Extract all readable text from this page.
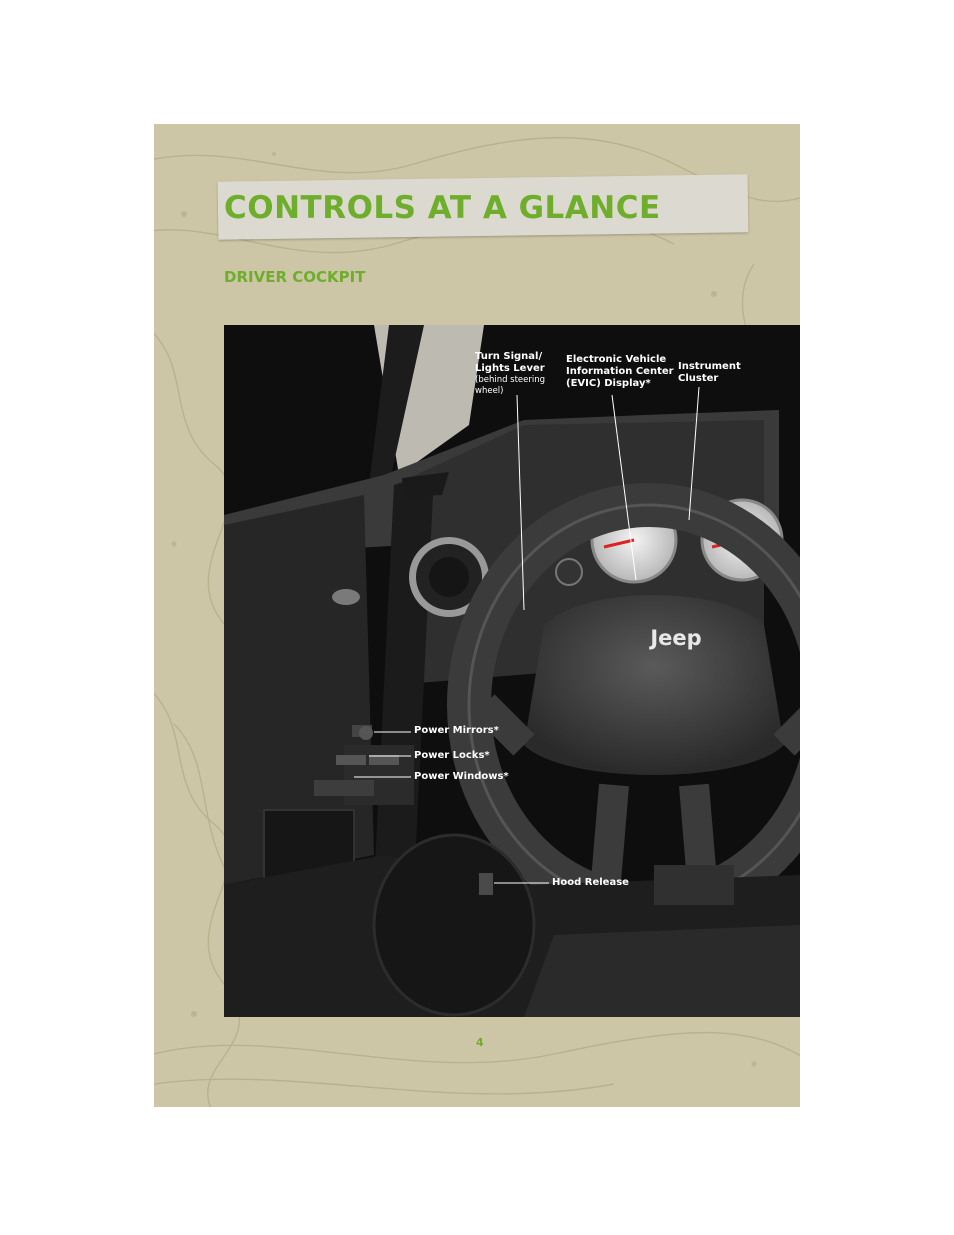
CONTROLS AT A GLANCE
DRIVER COCKPIT
Jeep
Turn Signal/
Lights Lever
(behind steering
wheel)
Electronic Vehicle
Information Center
(EVIC) Display*
Instrument
Cluster
Power Mirrors*
Power Locks*
Power Windows*
Hood Release
4
